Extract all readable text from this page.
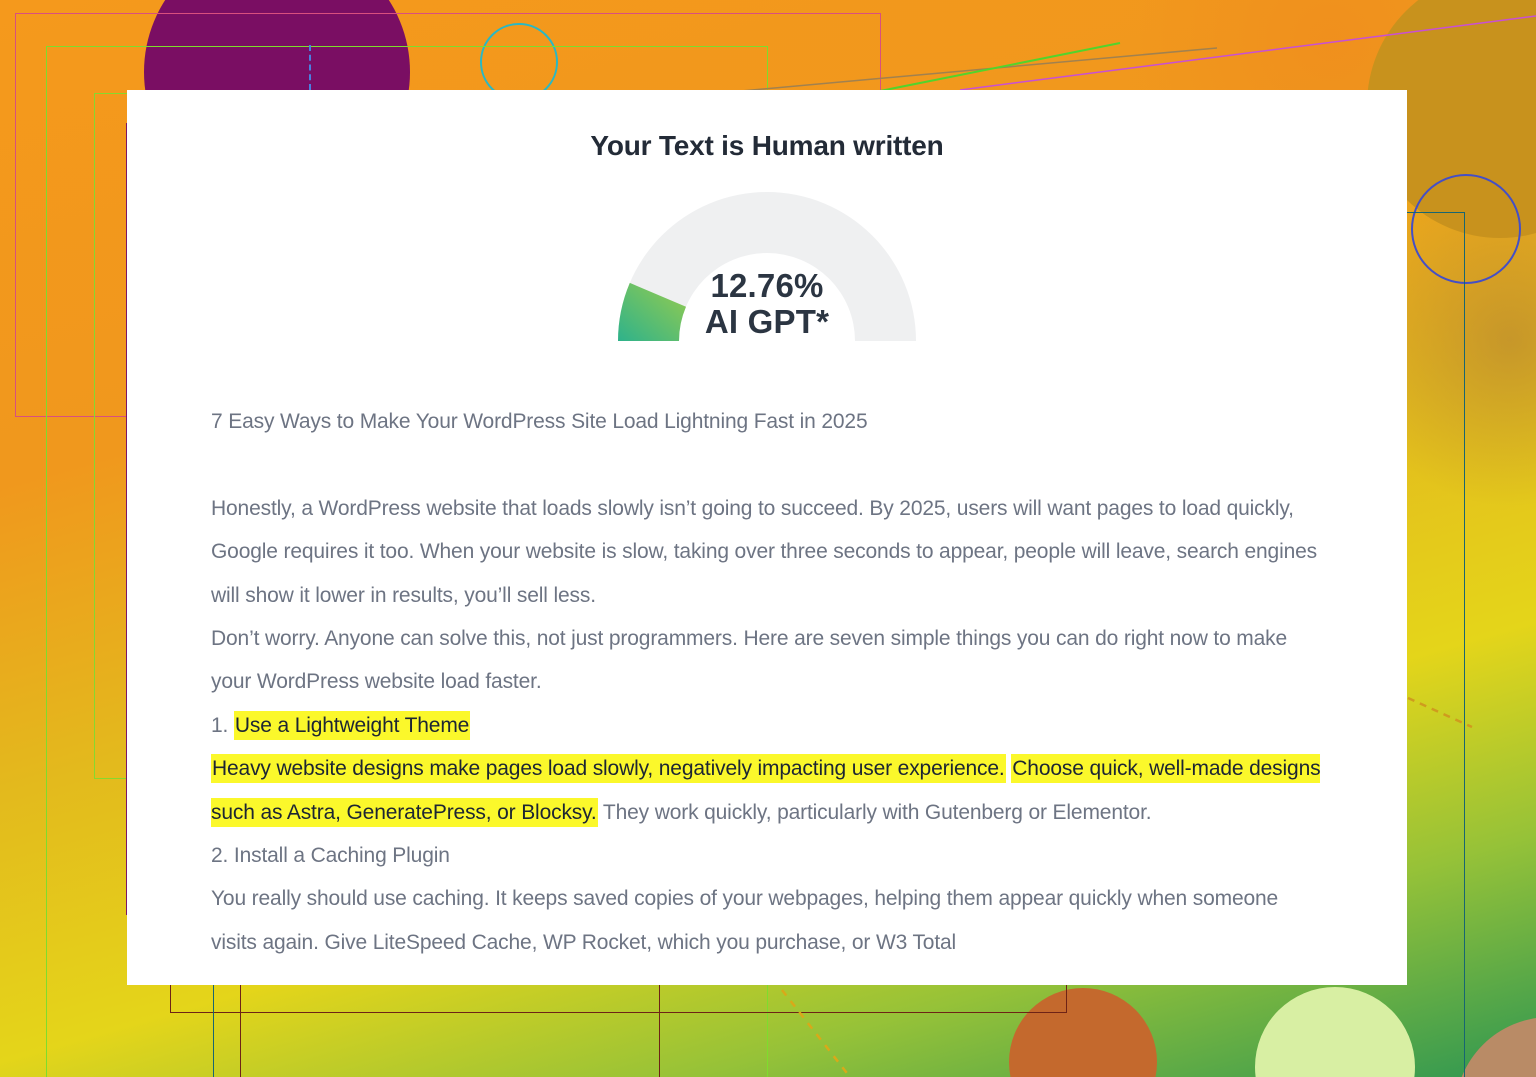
Your Text is Human written
12.76%
AI GPT*
7 Easy Ways to Make Your WordPress Site Load Lightning Fast in 2025
Honestly, a WordPress website that loads slowly isn’t going to succeed. By 2025, users will want pages to load quickly, Google requires it too. When your website is slow, taking over three seconds to appear, people will leave, search engines will show it lower in results, you’ll sell less.
Don’t worry. Anyone can solve this, not just programmers. Here are seven simple things you can do right now to make your WordPress website load faster.
1. Use a Lightweight Theme
Heavy website designs make pages load slowly, negatively impacting user experience. Choose quick, well-made designs such as Astra, GeneratePress, or Blocksy. They work quickly, particularly with Gutenberg or Elementor.
2. Install a Caching Plugin
You really should use caching. It keeps saved copies of your webpages, helping them appear quickly when someone visits again. Give LiteSpeed Cache, WP Rocket, which you purchase, or W3 Total
